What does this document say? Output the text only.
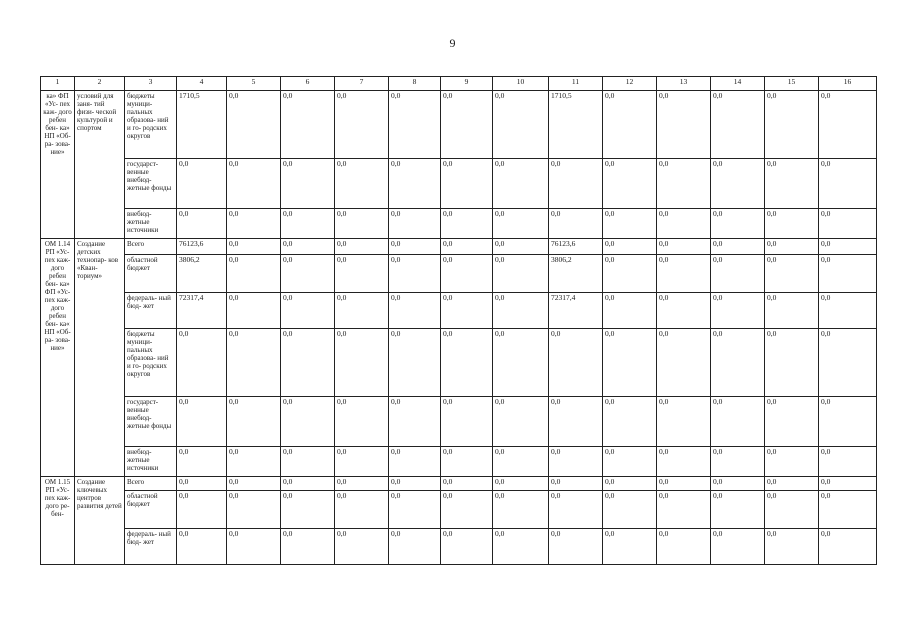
9
1	2	3	4	5	6	7	8	9	10	11	12	13	14	15	16
ка» ФП «Ус- пех каж- дого ребен бен- ка» НП «Об- ра- зова- ние»	условий для заня- тий физи- ческой культурой и спортом	бюджеты муници- пальных образова- ний и го- родских округов	1710,5	0,0	0,0	0,0	0,0	0,0	0,0	1710,5	0,0	0,0	0,0	0,0	0,0
		государст- венные внебюд- жетные фонды	0,0	0,0	0,0	0,0	0,0	0,0	0,0	0,0	0,0	0,0	0,0	0,0	0,0
		внебюд- жетные источники	0,0	0,0	0,0	0,0	0,0	0,0	0,0	0,0	0,0	0,0	0,0	0,0	0,0
ОМ 1.14 РП «Ус- пех каж- дого ребен бен- ка» ФП «Ус- пех каж- дого ребен бен- ка« НП «Об- ра- зова- ние»	Создание детских технопар- ков «Кван- ториум»	Всего	76123,6	0,0	0,0	0,0	0,0	0,0	0,0	76123,6	0,0	0,0	0,0	0,0	0,0
		областной бюджет	3806,2	0,0	0,0	0,0	0,0	0,0	0,0	3806,2	0,0	0,0	0,0	0,0	0,0
		федераль- ный бюд- жет	72317,4	0,0	0,0	0,0	0,0	0,0	0,0	72317,4	0,0	0,0	0,0	0,0	0,0
		бюджеты муници- пальных образова- ний и го- родских округов	0,0	0,0	0,0	0,0	0,0	0,0	0,0	0,0	0,0	0,0	0,0	0,0	0,0
		государст- венные внебюд- жетные фонды	0,0	0,0	0,0	0,0	0,0	0,0	0,0	0,0	0,0	0,0	0,0	0,0	0,0
		внебюд- жетные источники	0,0	0,0	0,0	0,0	0,0	0,0	0,0	0,0	0,0	0,0	0,0	0,0	0,0
ОМ 1.15 РП «Ус- пех каж- дого ре- бен-	Создание ключевых центров развития детей	Всего	0,0	0,0	0,0	0,0	0,0	0,0	0,0	0,0	0,0	0,0	0,0	0,0	0,0
		областной бюджет	0,0	0,0	0,0	0,0	0,0	0,0	0,0	0,0	0,0	0,0	0,0	0,0	0,0
		федераль- ный бюд- жет	0,0	0,0	0,0	0,0	0,0	0,0	0,0	0,0	0,0	0,0	0,0	0,0	0,0
